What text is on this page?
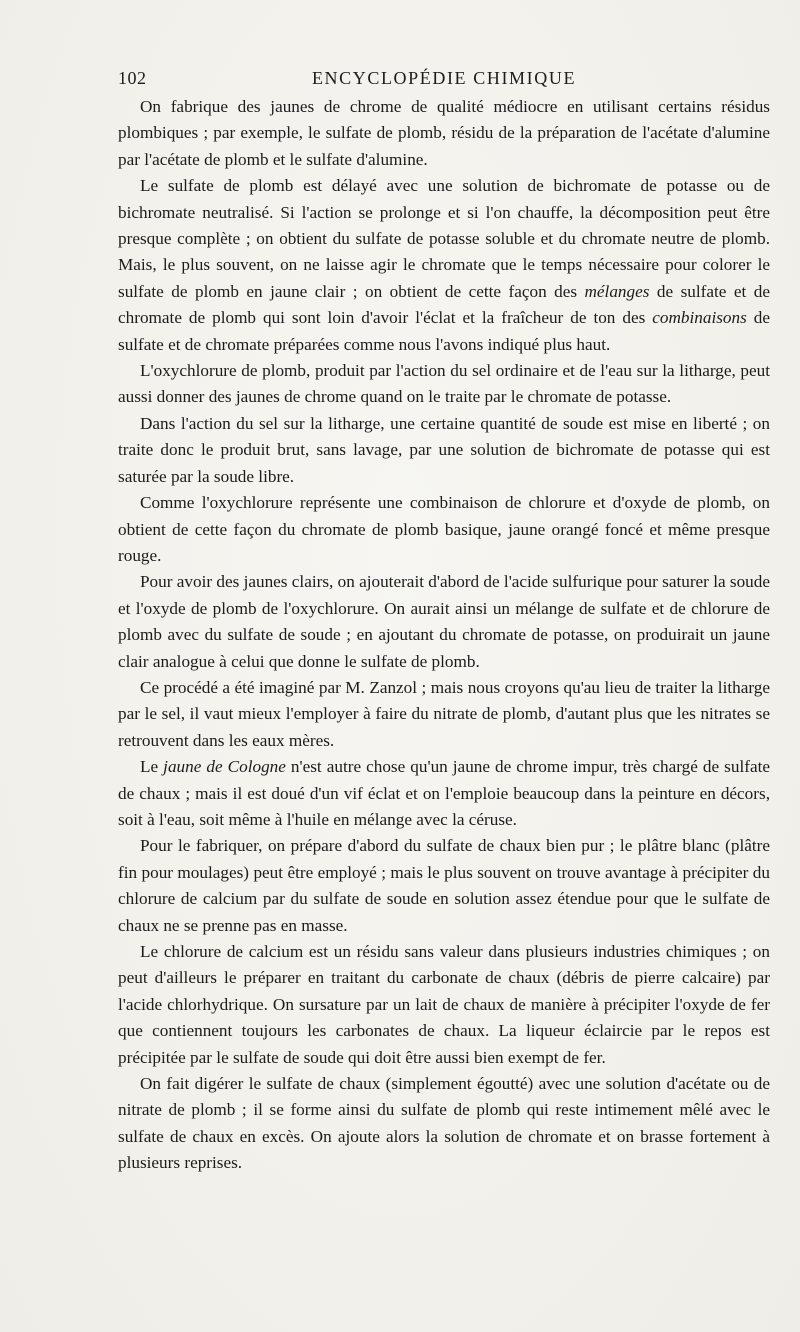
102	ENCYCLOPÉDIE CHIMIQUE

On fabrique des jaunes de chrome de qualité médiocre en utilisant certains résidus plombiques ; par exemple, le sulfate de plomb, résidu de la préparation de l'acétate d'alumine par l'acétate de plomb et le sulfate d'alumine.

Le sulfate de plomb est délayé avec une solution de bichromate de potasse ou de bichromate neutralisé. Si l'action se prolonge et si l'on chauffe, la décomposition peut être presque complète ; on obtient du sulfate de potasse soluble et du chromate neutre de plomb. Mais, le plus souvent, on ne laisse agir le chromate que le temps nécessaire pour colorer le sulfate de plomb en jaune clair ; on obtient de cette façon des mélanges de sulfate et de chromate de plomb qui sont loin d'avoir l'éclat et la fraîcheur de ton des combinaisons de sulfate et de chromate préparées comme nous l'avons indiqué plus haut.

L'oxychlorure de plomb, produit par l'action du sel ordinaire et de l'eau sur la litharge, peut aussi donner des jaunes de chrome quand on le traite par le chromate de potasse.

Dans l'action du sel sur la litharge, une certaine quantité de soude est mise en liberté ; on traite donc le produit brut, sans lavage, par une solution de bichromate de potasse qui est saturée par la soude libre.

Comme l'oxychlorure représente une combinaison de chlorure et d'oxyde de plomb, on obtient de cette façon du chromate de plomb basique, jaune orangé foncé et même presque rouge.

Pour avoir des jaunes clairs, on ajouterait d'abord de l'acide sulfurique pour saturer la soude et l'oxyde de plomb de l'oxychlorure. On aurait ainsi un mélange de sulfate et de chlorure de plomb avec du sulfate de soude ; en ajoutant du chromate de potasse, on produirait un jaune clair analogue à celui que donne le sulfate de plomb.

Ce procédé a été imaginé par M. Zanzol ; mais nous croyons qu'au lieu de traiter la litharge par le sel, il vaut mieux l'employer à faire du nitrate de plomb, d'autant plus que les nitrates se retrouvent dans les eaux mères.

Le jaune de Cologne n'est autre chose qu'un jaune de chrome impur, très chargé de sulfate de chaux ; mais il est doué d'un vif éclat et on l'emploie beaucoup dans la peinture en décors, soit à l'eau, soit même à l'huile en mélange avec la céruse.

Pour le fabriquer, on prépare d'abord du sulfate de chaux bien pur ; le plâtre blanc (plâtre fin pour moulages) peut être employé ; mais le plus souvent on trouve avantage à précipiter du chlorure de calcium par du sulfate de soude en solution assez étendue pour que le sulfate de chaux ne se prenne pas en masse.

Le chlorure de calcium est un résidu sans valeur dans plusieurs industries chimiques ; on peut d'ailleurs le préparer en traitant du carbonate de chaux (débris de pierre calcaire) par l'acide chlorhydrique. On sursature par un lait de chaux de manière à précipiter l'oxyde de fer que contiennent toujours les carbonates de chaux. La liqueur éclaircie par le repos est précipitée par le sulfate de soude qui doit être aussi bien exempt de fer.

On fait digérer le sulfate de chaux (simplement égoutté) avec une solution d'acétate ou de nitrate de plomb ; il se forme ainsi du sulfate de plomb qui reste intimement mêlé avec le sulfate de chaux en excès. On ajoute alors la solution de chromate et on brasse fortement à plusieurs reprises.
